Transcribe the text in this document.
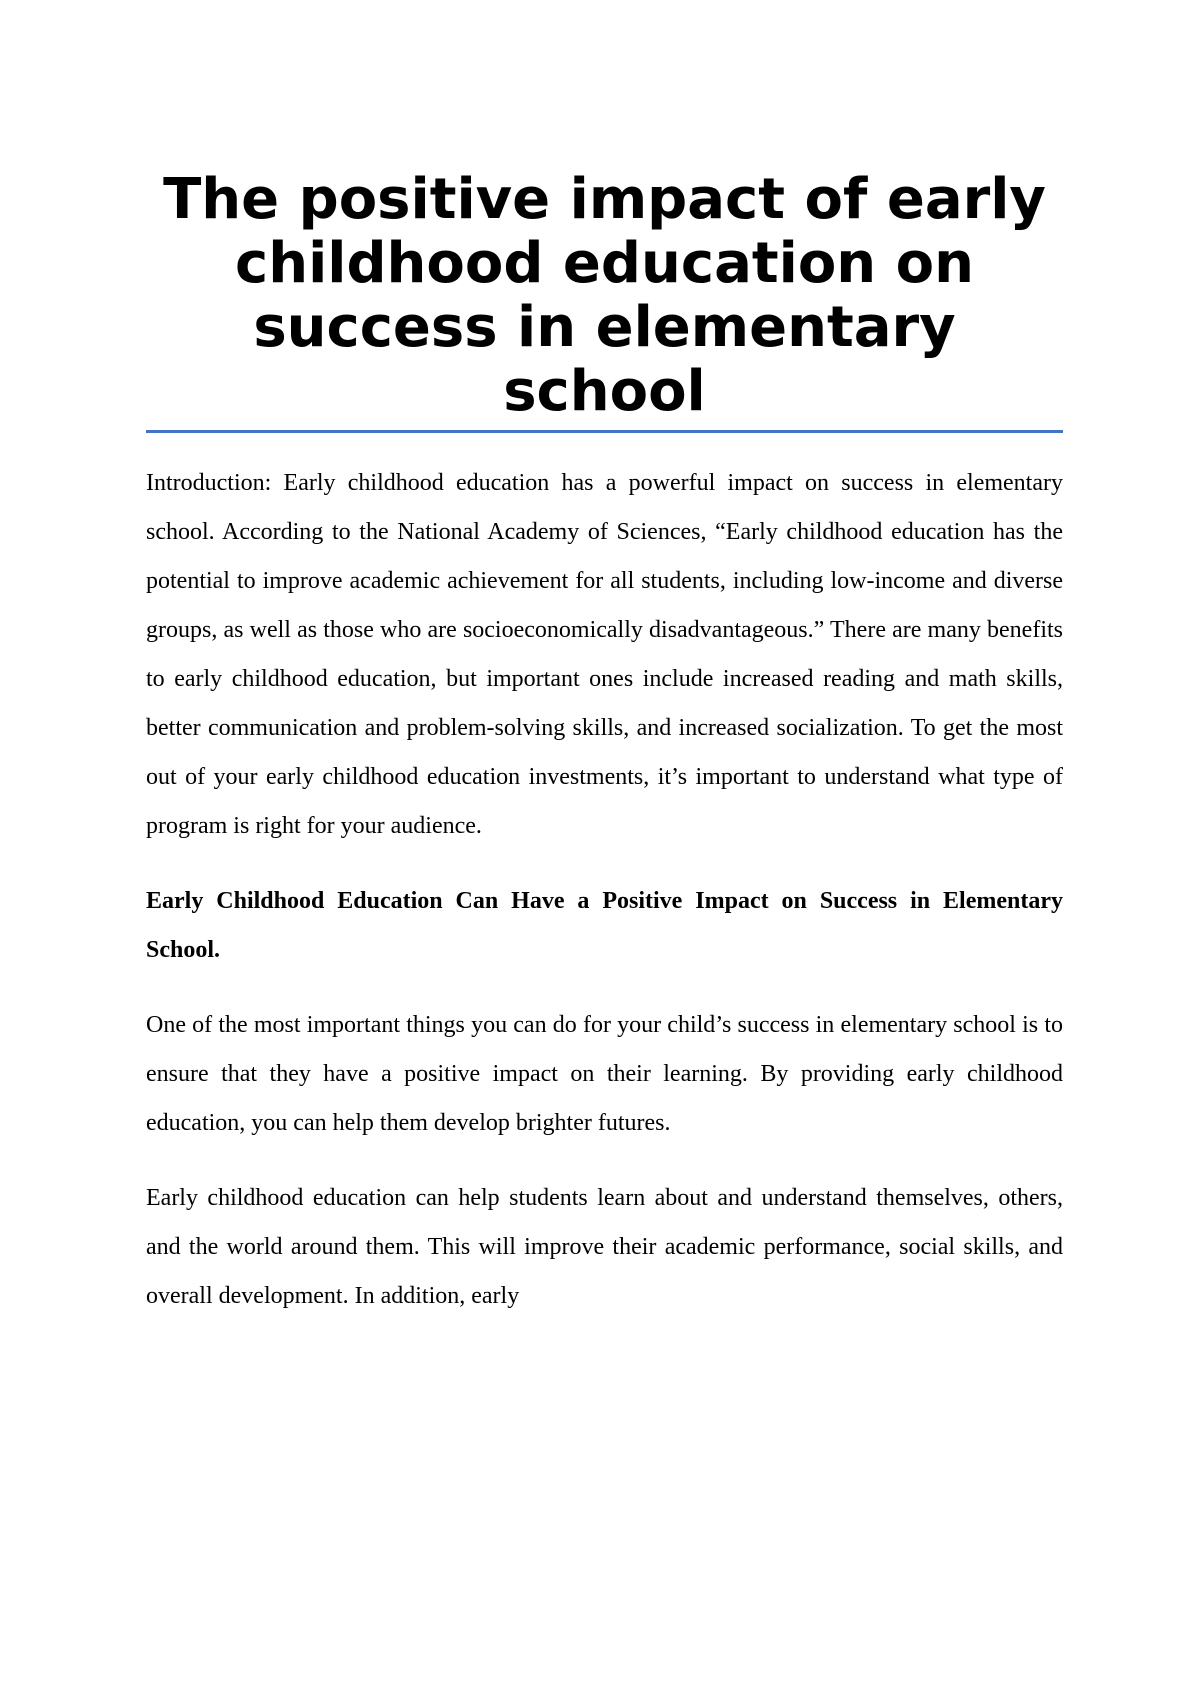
The positive impact of early childhood education on success in elementary school

Introduction: Early childhood education has a powerful impact on success in elementary school. According to the National Academy of Sciences, “Early childhood education has the potential to improve academic achievement for all students, including low-income and diverse groups, as well as those who are socioeconomically disadvantageous.” There are many benefits to early childhood education, but important ones include increased reading and math skills, better communication and problem-solving skills, and increased socialization. To get the most out of your early childhood education investments, it’s important to understand what type of program is right for your audience.

Early Childhood Education Can Have a Positive Impact on Success in Elementary School.

One of the most important things you can do for your child’s success in elementary school is to ensure that they have a positive impact on their learning. By providing early childhood education, you can help them develop brighter futures.

Early childhood education can help students learn about and understand themselves, others, and the world around them. This will improve their academic performance, social skills, and overall development. In addition, early
